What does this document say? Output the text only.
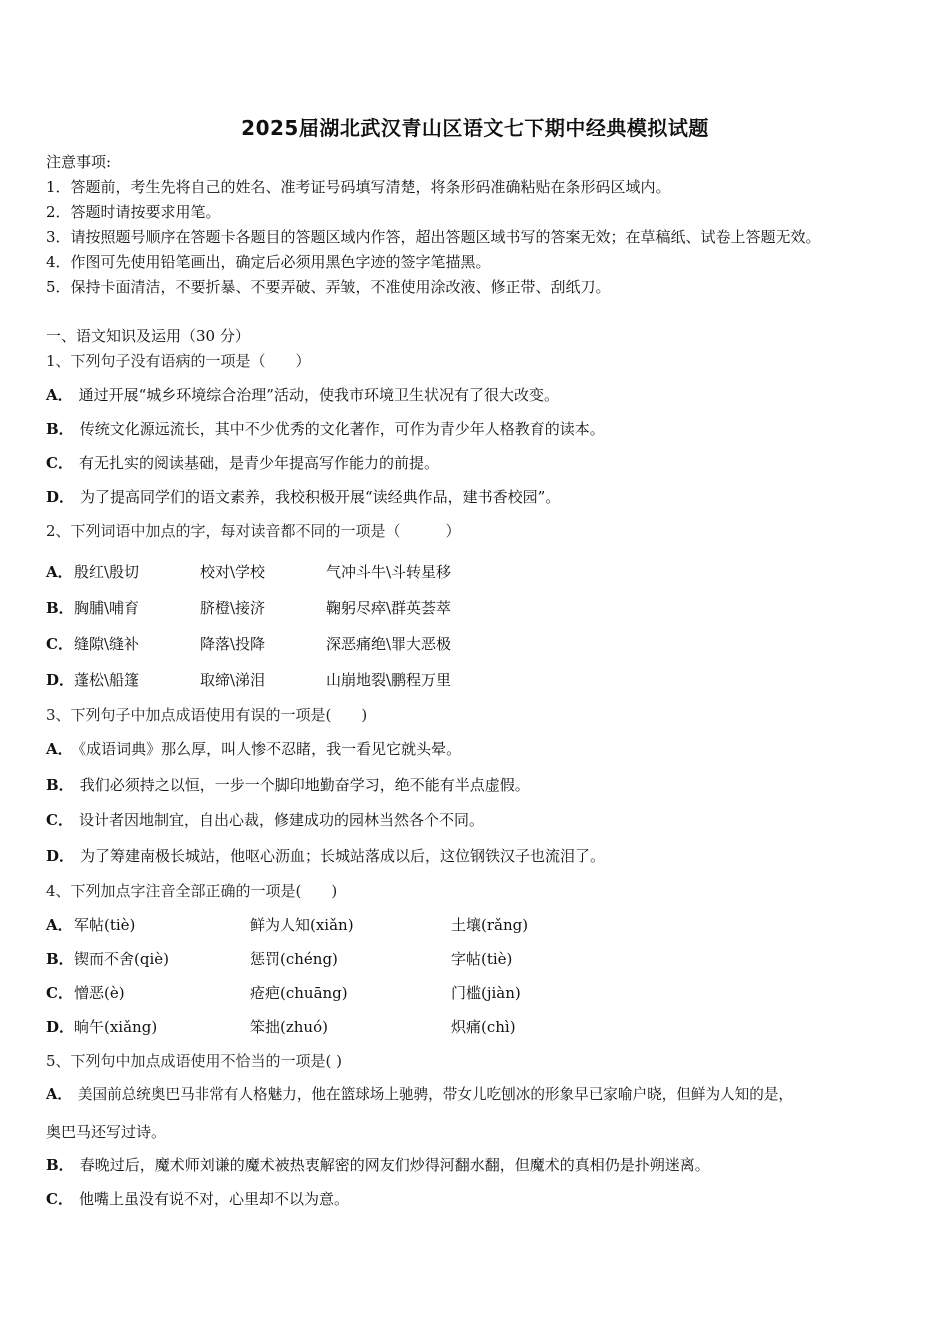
2025届湖北武汉青山区语文七下期中经典模拟试题
注意事项:
1．答题前，考生先将自己的姓名、准考证号码填写清楚，将条形码准确粘贴在条形码区域内。
2．答题时请按要求用笔。
3．请按照题号顺序在答题卡各题目的答题区域内作答，超出答题区域书写的答案无效；在草稿纸、试卷上答题无效。
4．作图可先使用铅笔画出，确定后必须用黑色字迹的签字笔描黑。
5．保持卡面清洁，不要折暴、不要弄破、弄皱，不准使用涂改液、修正带、刮纸刀。
一、语文知识及运用（30 分）
1、下列句子没有语病的一项是（　　）
A． 通过开展“城乡环境综合治理”活动，使我市环境卫生状况有了很大改变。
B． 传统文化源远流长，其中不少优秀的文化著作，可作为青少年人格教育的读本。
C． 有无扎实的阅读基础，是青少年提高写作能力的前提。
D． 为了提高同学们的语文素养，我校积极开展“读经典作品，建书香校园”。
2、下列词语中加点的字，每对读音都不同的一项是（　　　）
A． 殷红\殷切	校对\学校	气冲斗牛\斗转星移
B． 胸脯\哺育	脐橙\接济	鞠躬尽瘁\群英荟萃
C． 缝隙\缝补	降落\投降	深恶痛绝\罪大恶极
D． 蓬松\船篷	取缔\涕泪	山崩地裂\鹏程万里
3、下列句子中加点成语使用有误的一项是(　　)
A． 《成语词典》那么厚，叫人惨不忍睹，我一看见它就头晕。
B． 我们必须持之以恒，一步一个脚印地勤奋学习，绝不能有半点虚假。
C． 设计者因地制宜，自出心裁，修建成功的园林当然各个不同。
D． 为了筹建南极长城站，他呕心沥血；长城站落成以后，这位钢铁汉子也流泪了。
4、下列加点字注音全部正确的一项是(　　)
A． 军帖(tiè)	鲜为人知(xiǎn)	土壤(rǎng)
B． 锲而不舍(qiè)	惩罚(chéng)	字帖(tiè)
C． 憎恶(è)	疮疤(chuāng)	门槛(jiàn)
D． 晌午(xiǎng)	笨拙(zhuó)	炽痛(chì)
5、下列句中加点成语使用不恰当的一项是( )
A． 美国前总统奥巴马非常有人格魅力，他在篮球场上驰骋，带女儿吃刨冰的形象早已家喻户晓，但鲜为人知的是，
奥巴马还写过诗。
B． 春晚过后，魔术师刘谦的魔术被热衷解密的网友们炒得河翻水翻，但魔术的真相仍是扑朔迷离。
C． 他嘴上虽没有说不对，心里却不以为意。
